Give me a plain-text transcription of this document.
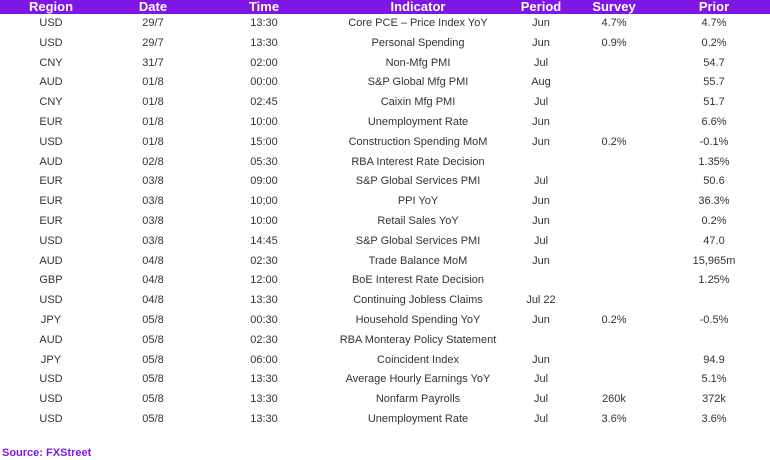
Region	Date	Time	Indicator	Period	Survey	Prior
USD	29/7	13:30	Core PCE – Price Index YoY	Jun	4.7%	4.7%
USD	29/7	13:30	Personal Spending	Jun	0.9%	0.2%
CNY	31/7	02:00	Non-Mfg PMI	Jul		54.7
AUD	01/8	00:00	S&P Global Mfg PMI	Aug		55.7
CNY	01/8	02:45	Caixin Mfg PMI	Jul		51.7
EUR	01/8	10:00	Unemployment Rate	Jun		6.6%
USD	01/8	15:00	Construction Spending MoM	Jun	0.2%	-0.1%
AUD	02/8	05:30	RBA Interest Rate Decision			1.35%
EUR	03/8	09:00	S&P Global Services PMI	Jul		50.6
EUR	03/8	10;00	PPI YoY	Jun		36.3%
EUR	03/8	10:00	Retail Sales YoY	Jun		0.2%
USD	03/8	14:45	S&P Global Services PMI	Jul		47.0
AUD	04/8	02:30	Trade Balance MoM	Jun		15,965m
GBP	04/8	12:00	BoE Interest Rate Decision			1.25%
USD	04/8	13:30	Continuing Jobless Claims	Jul 22		
JPY	05/8	00:30	Household Spending YoY	Jun	0.2%	-0.5%
AUD	05/8	02:30	RBA Monteray Policy Statement			
JPY	05/8	06:00	Coincident Index	Jun		94.9
USD	05/8	13:30	Average Hourly Earnings YoY	Jul		5.1%
USD	05/8	13:30	Nonfarm Payrolls	Jul	260k	372k
USD	05/8	13:30	Unemployment Rate	Jul	3.6%	3.6%
Source: FXStreet
